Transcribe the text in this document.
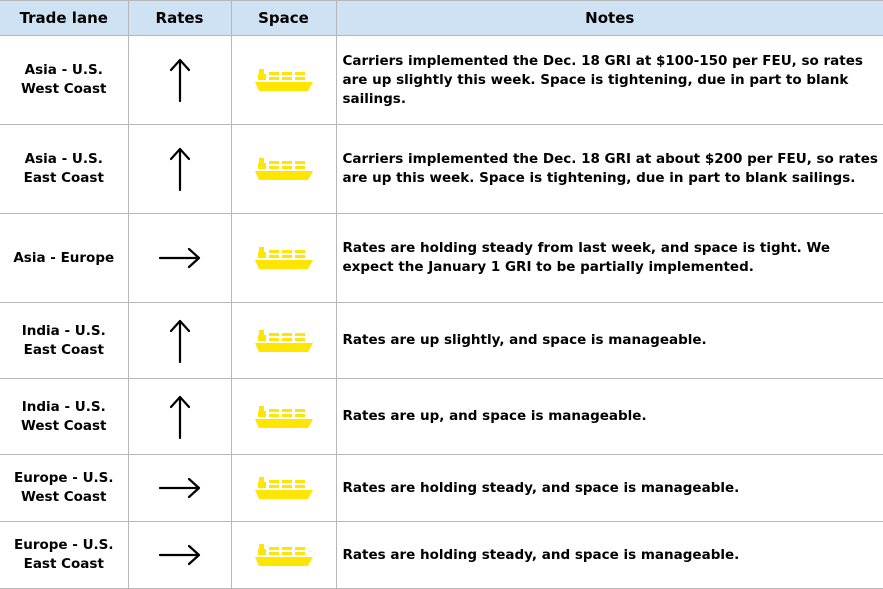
Trade lane	Rates	Space	Notes

Asia - U.S.
West Coast			Carriers implemented the Dec. 18 GRI at $100-150 per FEU, so rates are up slightly this week. Space is tightening, due in part to blank sailings.

Asia - U.S.
East Coast			Carriers implemented the Dec. 18 GRI at about $200 per FEU, so rates are up this week. Space is tightening, due in part to blank sailings.

Asia - Europe			Rates are holding steady from last week, and space is tight. We expect the January 1 GRI to be partially implemented.

India - U.S.
East Coast			Rates are up slightly, and space is manageable.

India - U.S.
West Coast			Rates are up, and space is manageable.

Europe - U.S.
West Coast			Rates are holding steady, and space is manageable.

Europe - U.S.
East Coast			Rates are holding steady, and space is manageable.
